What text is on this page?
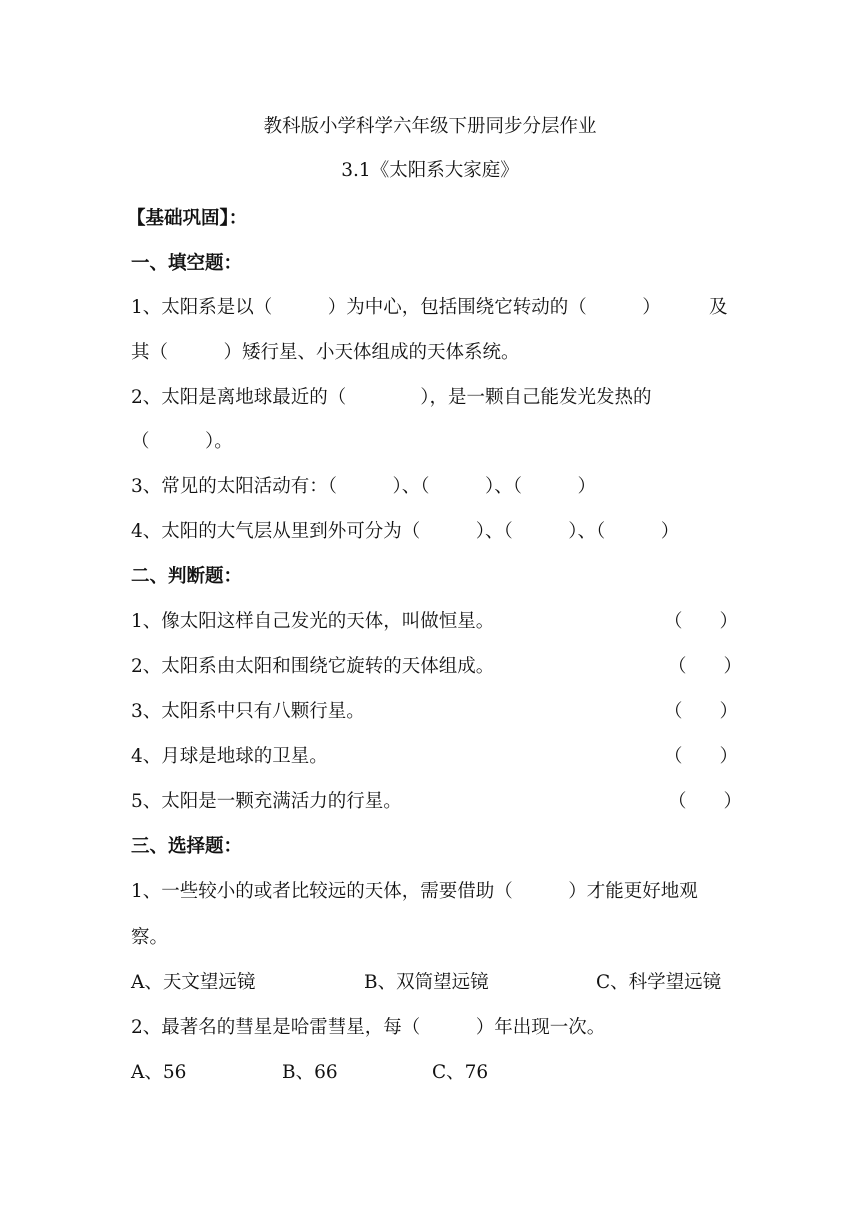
教科版小学科学六年级下册同步分层作业
3.1《太阳系大家庭》
【基础巩固】：
一、填空题：
1、太阳系是以（　　　）为中心，包括围绕它转动的（　　　）	及
其（　　　）矮行星、小天体组成的天体系统。
2、太阳是离地球最近的（　　　　），是一颗自己能发光发热的
（　　　）。
3、常见的太阳活动有：（　　　）、（　　　）、（　　　）
4、太阳的大气层从里到外可分为（　　　）、（　　　）、（　　　）
二、判断题：
1、像太阳这样自己发光的天体，叫做恒星。	（　　）
2、太阳系由太阳和围绕它旋转的天体组成。	（　　）
3、太阳系中只有八颗行星。	（　　）
4、月球是地球的卫星。	（　　）
5、太阳是一颗充满活力的行星。	（　　）
三、选择题：
1、一些较小的或者比较远的天体，需要借助（　　　）才能更好地观
察。
A、天文望远镜	B、双筒望远镜	C、科学望远镜
2、最著名的彗星是哈雷彗星，每（　　　）年出现一次。
A、56	B、66	C、76
